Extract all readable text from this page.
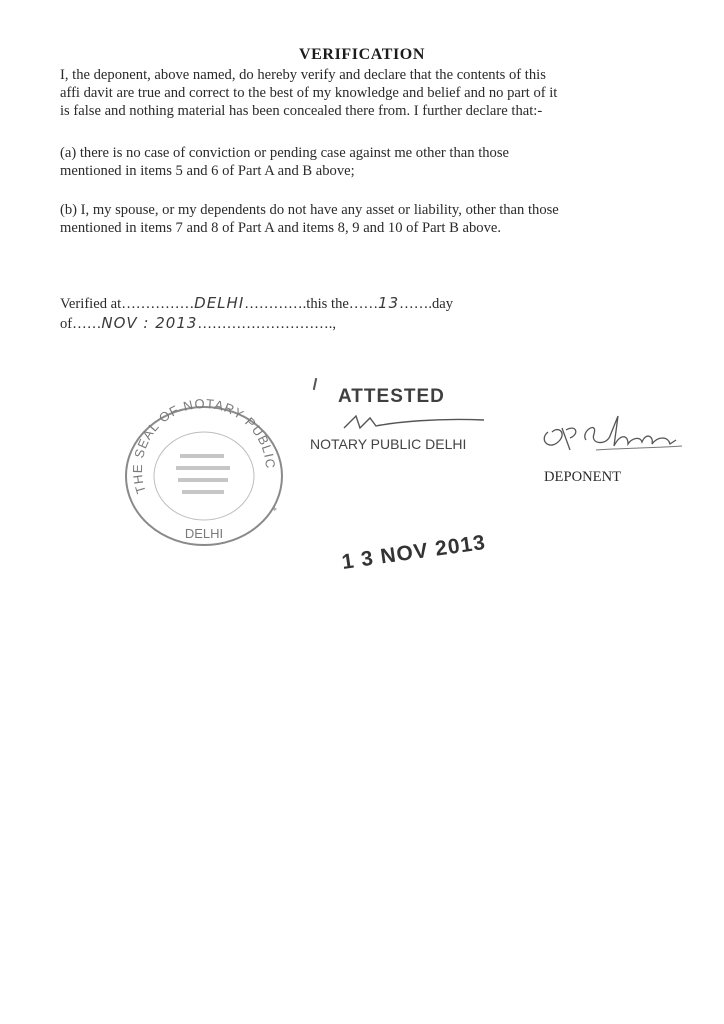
VERIFICATION
I, the deponent, above named, do hereby verify and declare that the contents of this
affi davit are true and correct to the best of my knowledge and belief and no part of it
is false and nothing material has been concealed there from. I further declare that:-
(a) there is no case of conviction or pending case against me other than those
mentioned in items 5 and 6 of Part A and B above;
(b) I, my spouse, or my dependents do not have any asset or liability, other than those
mentioned in items 7 and 8 of Part A and items 8, 9 and 10 of Part B above.
Verified at……………DELHI………….this the……13…….day
of……NOV : 2013……………………….,
THE SEAL OF NOTARY PUBLIC
DELHI
*
ATTESTED
NOTARY PUBLIC DELHI
DEPONENT
1 3 NOV 2013
